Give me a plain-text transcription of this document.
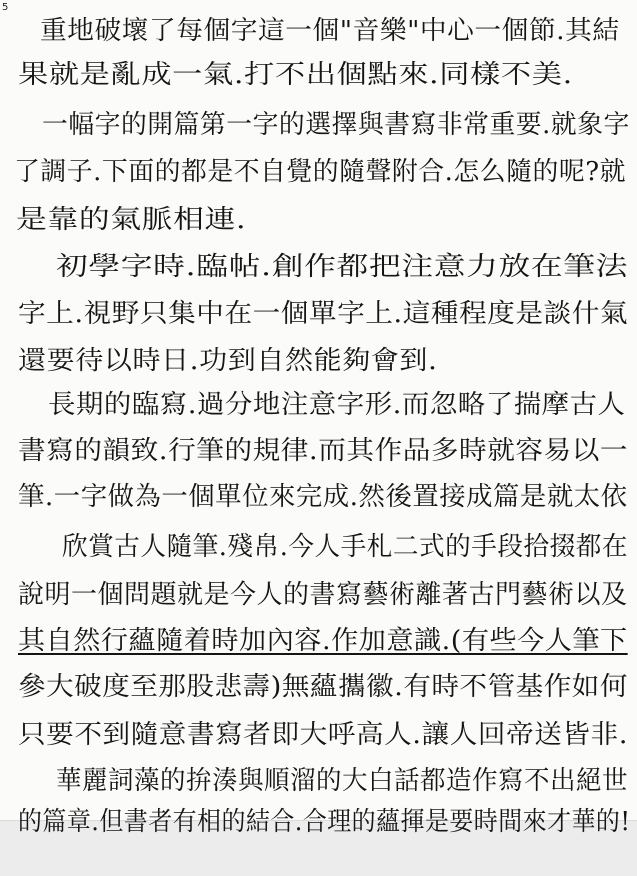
5
重地破壞了每個字這一個"音樂"中心一個節.其結
果就是亂成一氣.打不出個點來.同樣不美.
一幅字的開篇第一字的選擇與書寫非常重要.就象字
了調子.下面的都是不自覺的隨聲附合.怎么隨的呢?就
是靠的氣脈相連.
初學字時.臨帖.創作都把注意力放在筆法
字上.視野只集中在一個單字上.這種程度是談什氣
還要待以時日.功到自然能夠會到.
長期的臨寫.過分地注意字形.而忽略了揣摩古人
書寫的韻致.行筆的規律.而其作品多時就容易以一
筆.一字做為一個單位來完成.然後置接成篇是就太依
欣賞古人隨筆.殘帛.今人手札二式的手段拾掇都在
說明一個問題就是今人的書寫藝術離著古門藝術以及
其自然行蘊隨着時加內容.作加意識.(有些今人筆下
參大破度至那股悲壽)無蘊攜徽.有時不管基作如何
只要不到隨意書寫者即大呼高人.讓人回帝送皆非.
華麗詞藻的拚湊與順溜的大白話都造作寫不出絕世
的篇章.但書者有相的結合.合理的蘊揮是要時間來才華的!
